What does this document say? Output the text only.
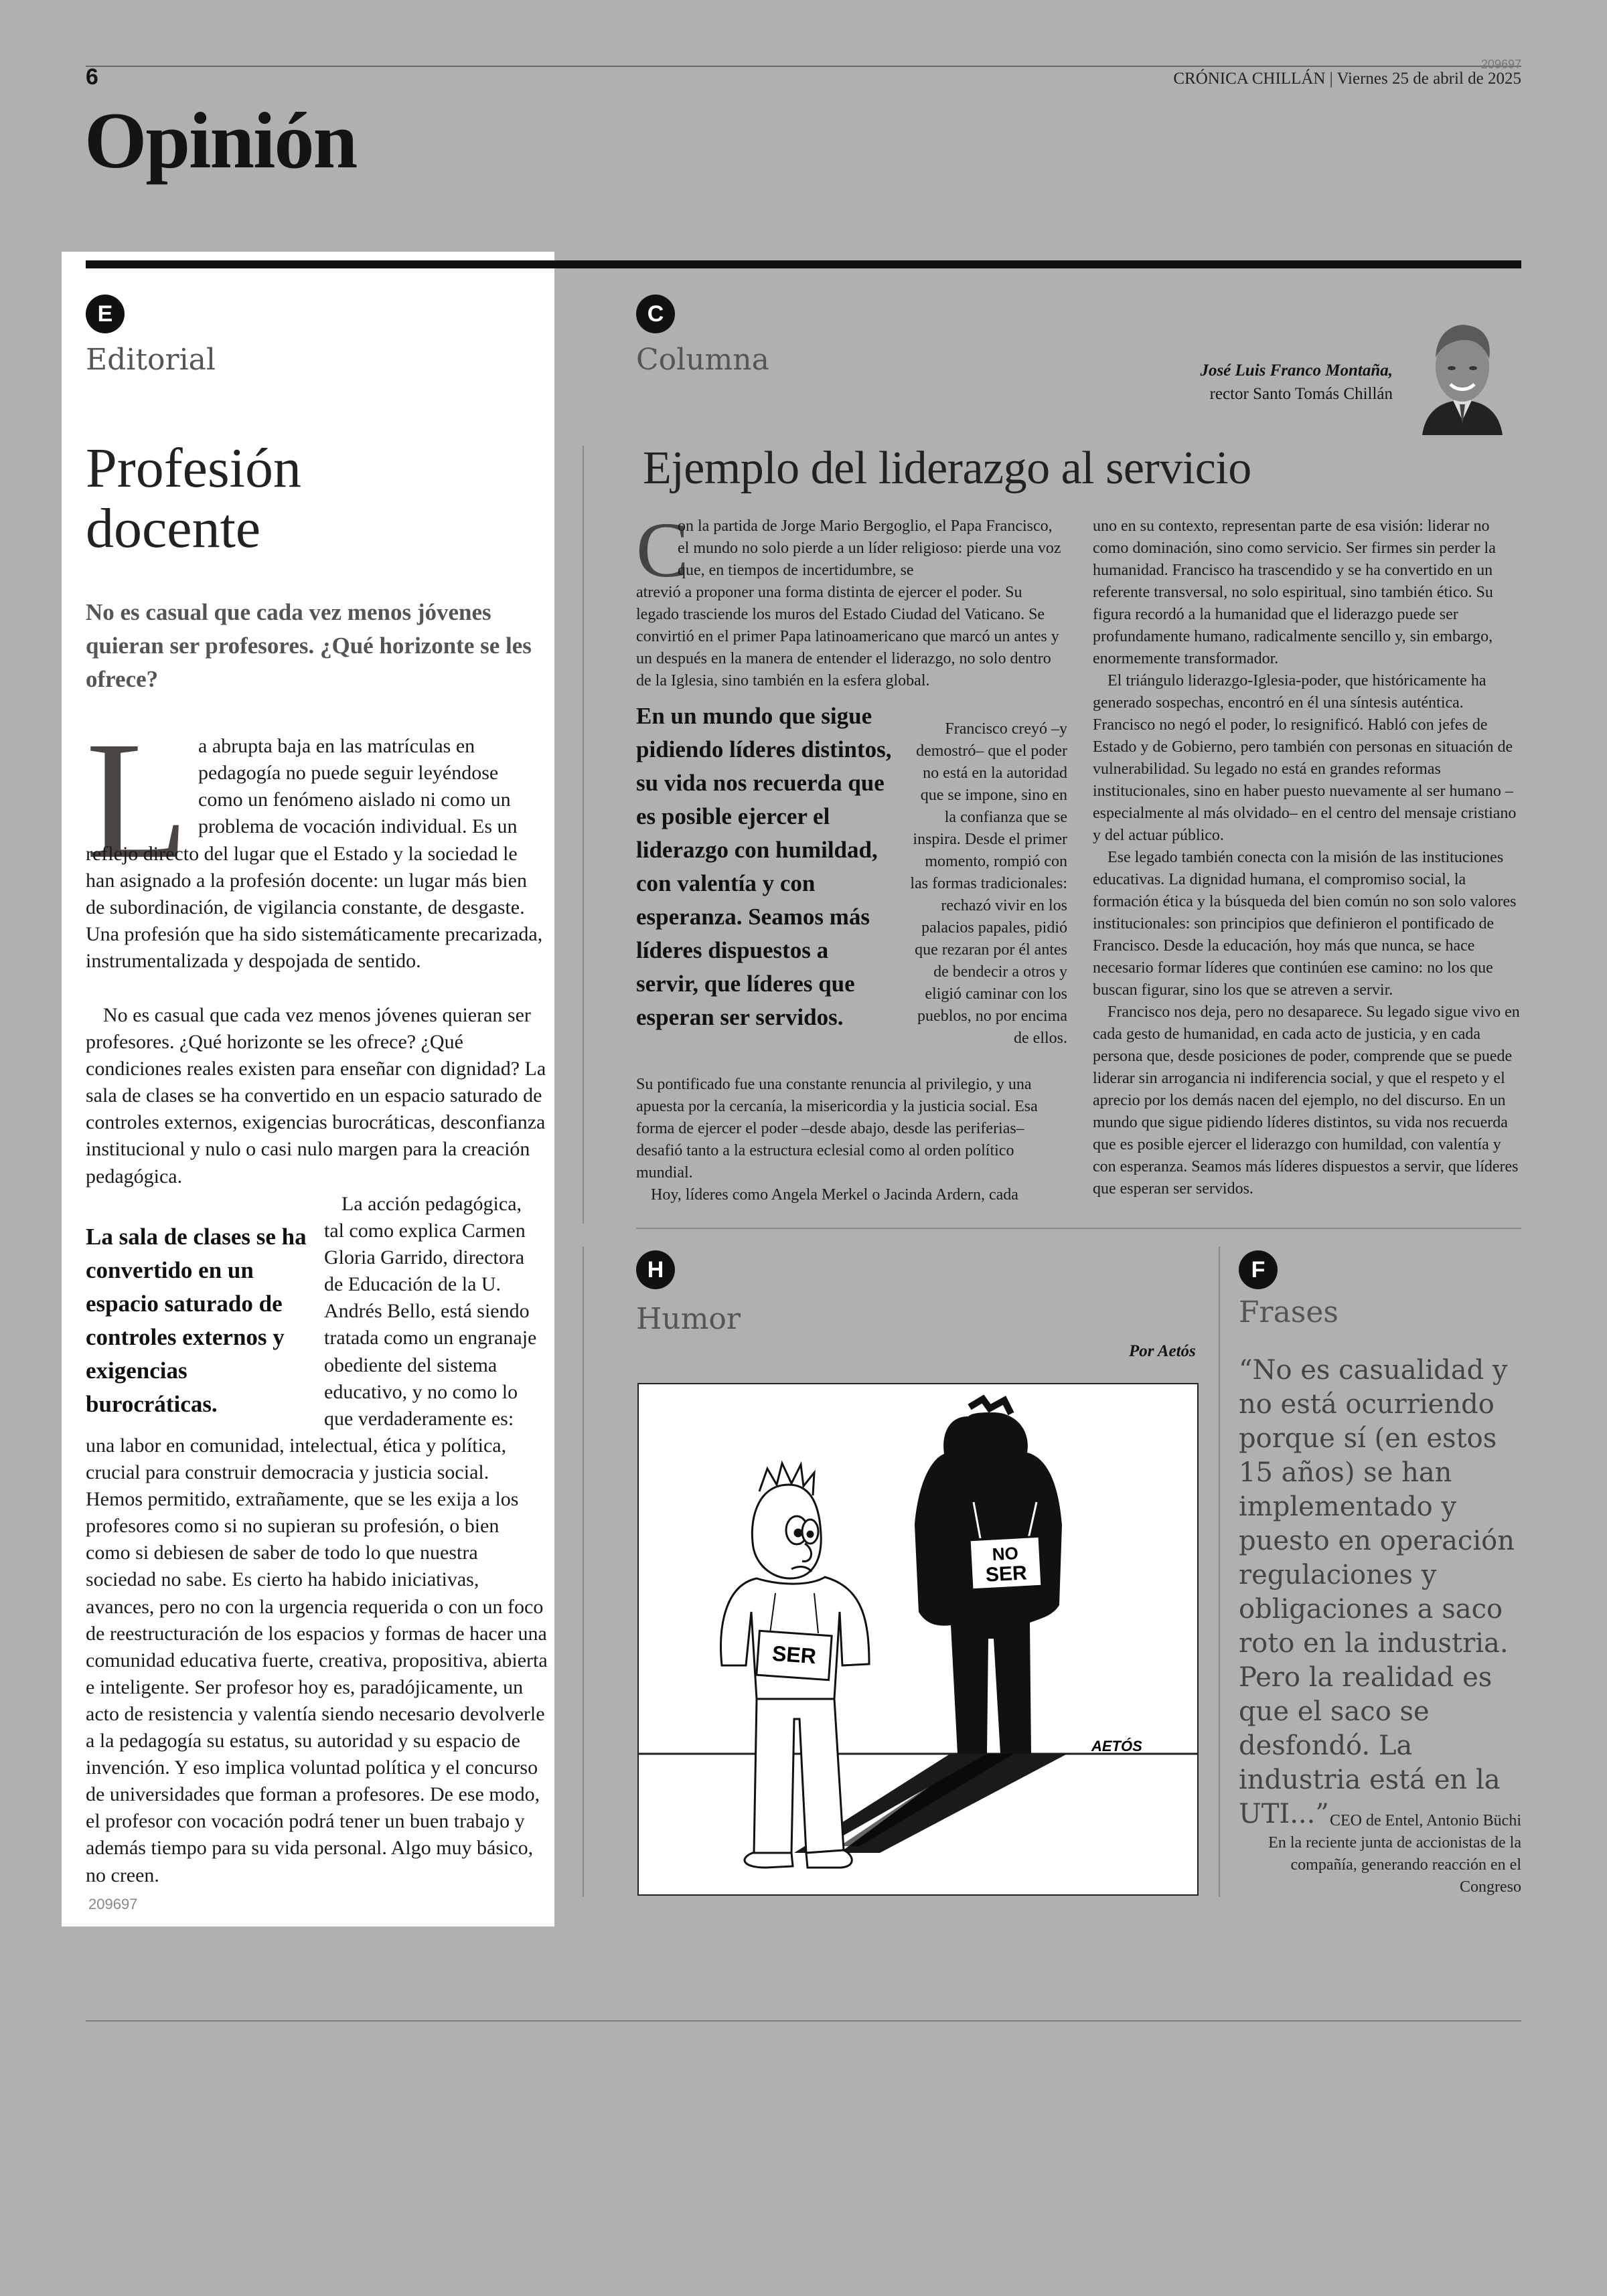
6	209697
CRÓNICA CHILLÁN | Viernes 25 de abril de 2025
Opinión
E
Editorial
Profesión
docente
No es casual que cada vez menos jóvenes quieran ser profesores. ¿Qué horizonte se les ofrece?
L a abrupta baja en las matrículas en pedagogía no puede seguir leyéndose como un fenómeno aislado ni como un problema de vocación individual. Es un
reflejo directo del lugar que el Estado y la sociedad le han asignado a la profesión docente: un lugar más bien de subordinación, de vigilancia constante, de desgaste. Una profesión que ha sido sistemáticamente precarizada, instrumentalizada y despojada de sentido.

No es casual que cada vez menos jóvenes quieran ser profesores. ¿Qué horizonte se les ofrece? ¿Qué condiciones reales existen para enseñar con dignidad? La sala de clases se ha convertido en un espacio saturado de controles externos, exigencias burocráticas, desconfianza institucional y nulo o casi nulo margen para la creación pedagógica.

La sala de clases se ha convertido en un espacio saturado de controles externos y exigencias burocráticas.

La acción pedagógica, tal como explica Carmen Gloria Garrido, directora de Educación de la U. Andrés Bello, está siendo tratada como un engranaje obediente del sistema educativo, y no como lo que verdaderamente es:

una labor en comunidad, intelectual, ética y política, crucial para construir democracia y justicia social. Hemos permitido, extrañamente, que se les exija a los profesores como si no supieran su profesión, o bien como si debiesen de saber de todo lo que nuestra sociedad no sabe. Es cierto ha habido iniciativas, avances, pero no con la urgencia requerida o con un foco de reestructuración de los espacios y formas de hacer una comunidad educativa fuerte, creativa, propositiva, abierta e inteligente. Ser profesor hoy es, paradójicamente, un acto de resistencia y valentía siendo necesario devolverle a la pedagogía su estatus, su autoridad y su espacio de invención. Y eso implica voluntad política y el concurso de universidades que forman a profesores. De ese modo, el profesor con vocación podrá tener un buen trabajo y además tiempo para su vida personal. Algo muy básico, no creen.
209697
C
Columna	José Luis Franco Montaña,
rector Santo Tomás Chillán
Ejemplo del liderazgo al servicio
C
on la partida de Jorge Mario Bergoglio, el Papa Francisco, el mundo no solo pierde a un líder religioso: pierde una voz que, en tiempos de incertidumbre, se
atrevió a proponer una forma distinta de ejercer el poder. Su legado trasciende los muros del Estado Ciudad del Vaticano. Se convirtió en el primer Papa latinoamericano que marcó un antes y un después en la manera de entender el liderazgo, no solo dentro de la Iglesia, sino también en la esfera global.
En un mundo que sigue pidiendo líderes distintos, su vida nos recuerda que es posible ejercer el liderazgo con humildad, con valentía y con esperanza. Seamos más líderes dispuestos a servir, que líderes que esperan ser servidos.
Francisco creyó –y demostró– que el poder no está en la autoridad que se impone, sino en la confianza que se inspira. Desde el primer momento, rompió con las formas tradicionales: rechazó vivir en los palacios papales, pidió que rezaran por él antes de bendecir a otros y eligió caminar con los pueblos, no por encima de ellos.

Su pontificado fue una constante renuncia al privilegio, y una apuesta por la cercanía, la misericordia y la justicia social. Esa forma de ejercer el poder –desde abajo, desde las periferias– desafió tanto a la estructura eclesial como al orden político mundial.

Hoy, líderes como Angela Merkel o Jacinda Ardern, cada

uno en su contexto, representan parte de esa visión: liderar no como dominación, sino como servicio. Ser firmes sin perder la humanidad. Francisco ha trascendido y se ha convertido en un referente transversal, no solo espiritual, sino también ético. Su figura recordó a la humanidad que el liderazgo puede ser profundamente humano, radicalmente sencillo y, sin embargo, enormemente transformador.

El triángulo liderazgo-Iglesia-poder, que históricamente ha generado sospechas, encontró en él una síntesis auténtica. Francisco no negó el poder, lo resignificó. Habló con jefes de Estado y de Gobierno, pero también con personas en situación de vulnerabilidad. Su legado no está en grandes reformas institucionales, sino en haber puesto nuevamente al ser humano –especialmente al más olvidado– en el centro del mensaje cristiano y del actuar público.

Ese legado también conecta con la misión de las instituciones educativas. La dignidad humana, el compromiso social, la formación ética y la búsqueda del bien común no son solo valores institucionales: son principios que definieron el pontificado de Francisco. Desde la educación, hoy más que nunca, se hace necesario formar líderes que continúen ese camino: no los que buscan figurar, sino los que se atreven a servir.

Francisco nos deja, pero no desaparece. Su legado sigue vivo en cada gesto de humanidad, en cada acto de justicia, y en cada persona que, desde posiciones de poder, comprende que se puede liderar sin arrogancia ni indiferencia social, y que el respeto y el aprecio por los demás nacen del ejemplo, no del discurso. En un mundo que sigue pidiendo líderes distintos, su vida nos recuerda que es posible ejercer el liderazgo con humildad, con valentía y con esperanza. Seamos más líderes dispuestos a servir, que líderes que esperan ser servidos.

H
Humor
Por Aetós
NO
SER
SER
AETÓS
F
Frases
“No es casualidad y no está ocurriendo porque sí (en estos 15 años) se han implementado y puesto en operación regulaciones y obligaciones a saco roto en la industria. Pero la realidad es que el saco se desfondó. La industria está en la UTI...” CEO de Entel, Antonio Büchi
En la reciente junta de accionistas de la compañía, generando reacción en el Congreso
